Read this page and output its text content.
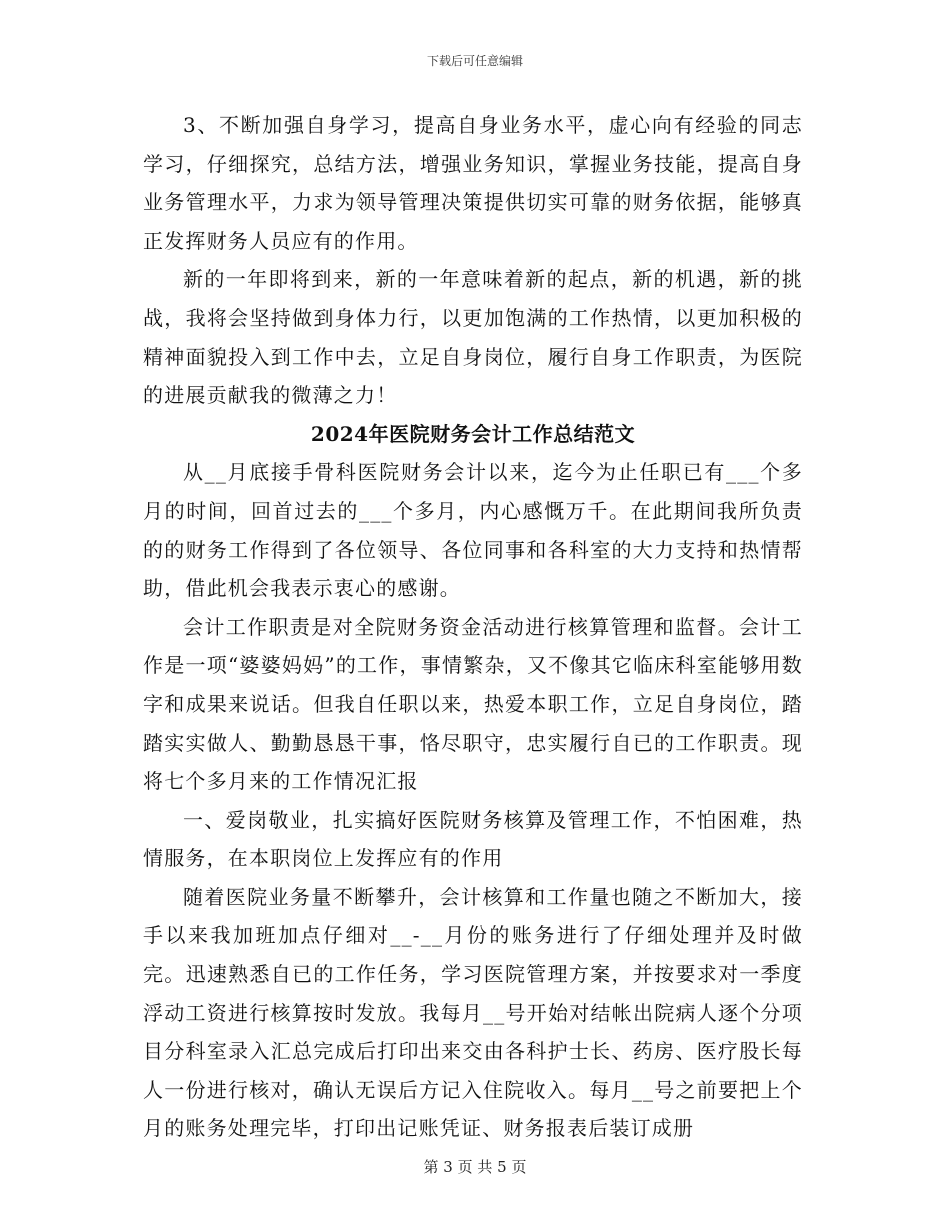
下载后可任意编辑

3、不断加强自身学习，提高自身业务水平，虚心向有经验的同志学习，仔细探究，总结方法，增强业务知识，掌握业务技能，提高自身业务管理水平，力求为领导管理决策提供切实可靠的财务依据，能够真正发挥财务人员应有的作用。

新的一年即将到来，新的一年意味着新的起点，新的机遇，新的挑战，我将会坚持做到身体力行，以更加饱满的工作热情，以更加积极的精神面貌投入到工作中去，立足自身岗位，履行自身工作职责，为医院的进展贡献我的微薄之力！

2024年医院财务会计工作总结范文

从__月底接手骨科医院财务会计以来，迄今为止任职已有___个多月的时间，回首过去的___个多月，内心感慨万千。在此期间我所负责的的财务工作得到了各位领导、各位同事和各科室的大力支持和热情帮助，借此机会我表示衷心的感谢。

会计工作职责是对全院财务资金活动进行核算管理和监督。会计工作是一项“婆婆妈妈”的工作，事情繁杂，又不像其它临床科室能够用数字和成果来说话。但我自任职以来，热爱本职工作，立足自身岗位，踏踏实实做人、勤勤恳恳干事，恪尽职守，忠实履行自已的工作职责。现将七个多月来的工作情况汇报

一、爱岗敬业，扎实搞好医院财务核算及管理工作，不怕困难，热情服务，在本职岗位上发挥应有的作用

随着医院业务量不断攀升，会计核算和工作量也随之不断加大，接手以来我加班加点仔细对__-__月份的账务进行了仔细处理并及时做完。迅速熟悉自已的工作任务，学习医院管理方案，并按要求对一季度浮动工资进行核算按时发放。我每月__号开始对结帐出院病人逐个分项目分科室录入汇总完成后打印出来交由各科护士长、药房、医疗股长每人一份进行核对，确认无误后方记入住院收入。每月__号之前要把上个月的账务处理完毕，打印出记账凭证、财务报表后装订成册

第 3 页 共 5 页
